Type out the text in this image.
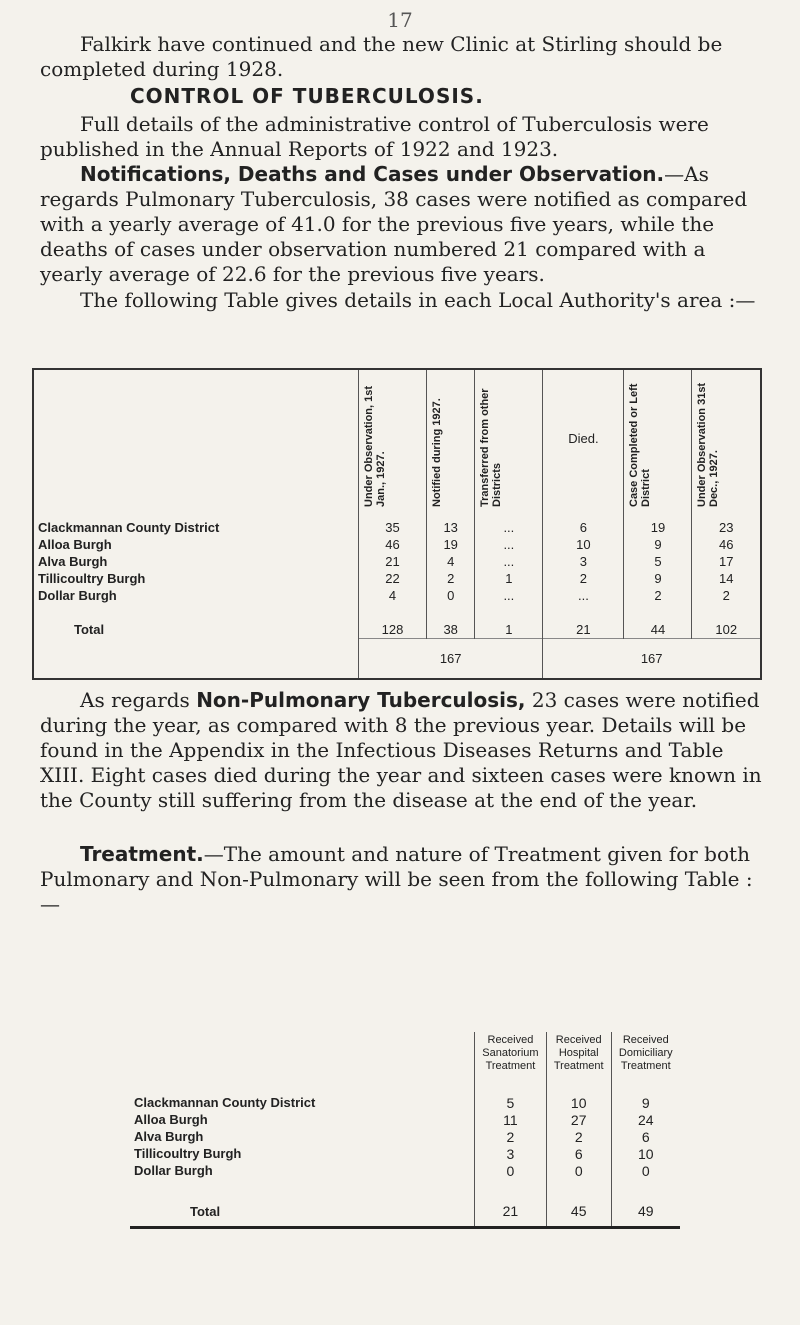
17
Falkirk have continued and the new Clinic at Stirling should be completed during 1928.
CONTROL OF TUBERCULOSIS.
Full details of the administrative control of Tuberculosis were published in the Annual Reports of 1922 and 1923.
Notifications, Deaths and Cases under Observation.—As regards Pulmonary Tuberculosis, 38 cases were notified as compared with a yearly average of 41.0 for the previous five years, while the deaths of cases under observation numbered 21 compared with a yearly average of 22.6 for the previous five years.
The following Table gives details in each Local Authority's area :—

	Under Observation, 1st Jan., 1927.	Notified during 1927.	Transferred from other Districts	Died.	Case Completed or Left District	Under Observation 31st Dec., 1927.

Clackmannan County District	35	13	...	6	19	23
Alloa Burgh	46	19	...	10	9	46
Alva Burgh	21	4	...	3	5	17
Tillicoultry Burgh	22	2	1	2	9	14
Dollar Burgh	4	0	...	...	2	2

Total	128	38	1	21	44	102
	167			167		
As regards Non-Pulmonary Tuberculosis, 23 cases were notified during the year, as compared with 8 the previous year. Details will be found in the Appendix in the Infectious Diseases Returns and Table XIII. Eight cases died during the year and sixteen cases were known in the County still suffering from the disease at the end of the year.
Treatment.—The amount and nature of Treatment given for both Pulmonary and Non-Pulmonary will be seen from the following Table :—
	Received Sanatorium Treatment	Received Hospital Treatment	Received Domiciliary Treatment
Clackmannan County District	5	10	9
Alloa Burgh	11	27	24
Alva Burgh	2	2	6
Tillicoultry Burgh	3	6	10
Dollar Burgh	0	0	0

Total	21	45	49
